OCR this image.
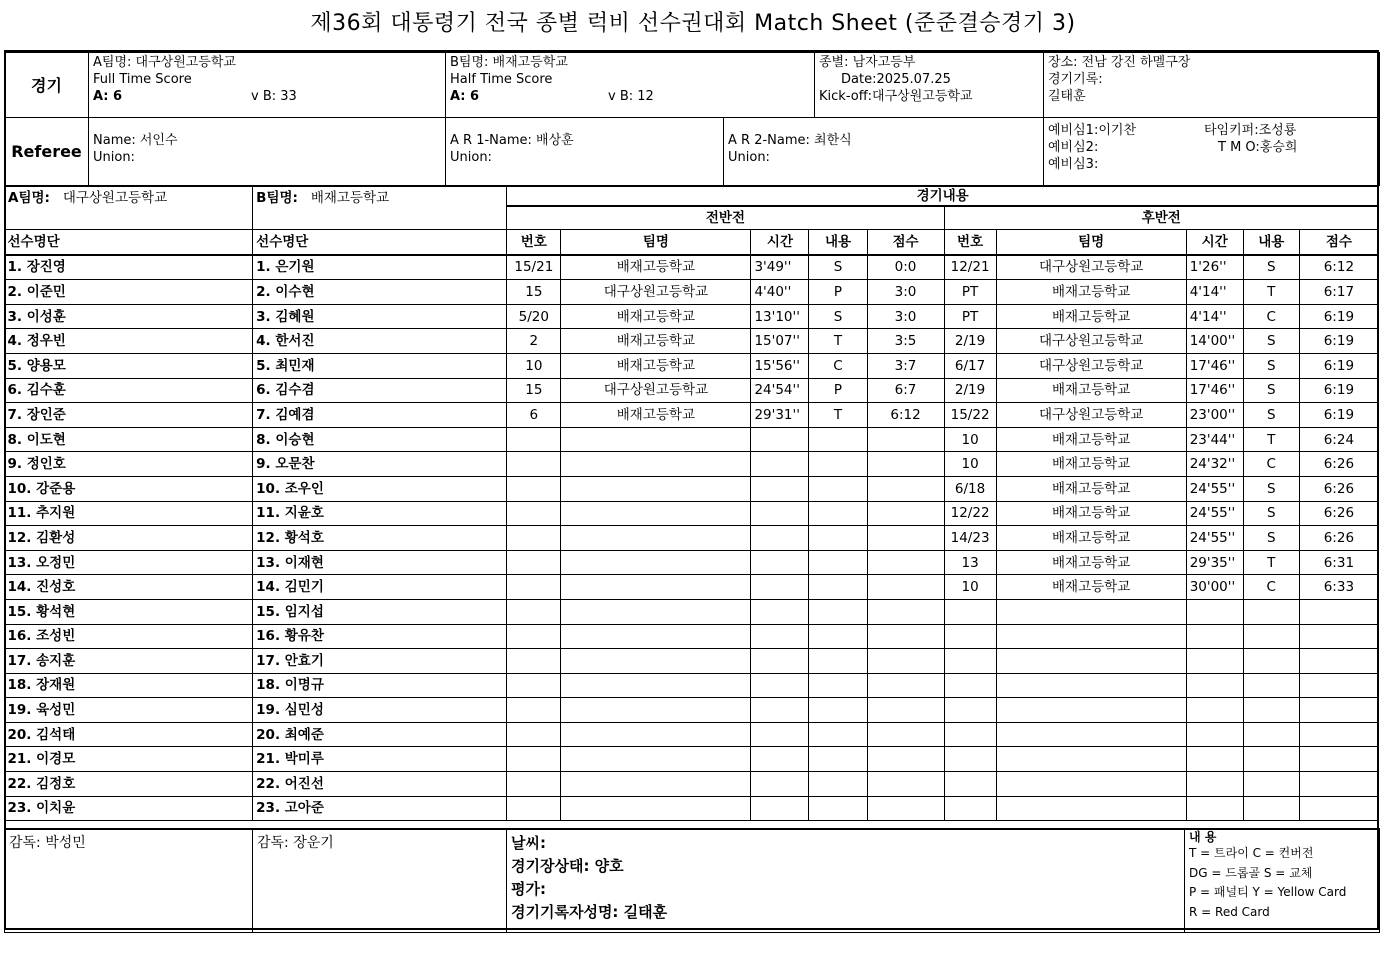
제36회 대통령기 전국 종별 럭비 선수권대회 Match Sheet (준준결승경기 3)
경기	
A팀명: 대구상원고등학교
Full Time Score
A: 6	v B: 33

B팀명: 배재고등학교
Half Time Score
A: 6	v B: 12

종별: 남자고등부
Date:2025.07.25
Kick-off:대구상원고등학교

장소: 전남 강진 하멜구장
경기기록:
길태훈
Referee	
Name: 서인수
Union:

A R 1-Name: 배상훈
Union:

A R 2-Name: 최한식
Union:

예비심1:이기찬	타임키퍼:조성룡
예비심2:	T M O:홍승희
예비심3:
A팀명: 대구상원고등학교	B팀명: 배재고등학교	경기내용									
		전반전					후반전				
선수명단	선수명단	번호	팀명	시간	내용	점수	번호	팀명	시간	내용	점수
1. 장진영	1. 은기원	15/21	배재고등학교	3'49''	S	0:0	12/21	대구상원고등학교	1'26''	S	6:12
2. 이준민	2. 이수현	15	대구상원고등학교	4'40''	P	3:0	PT	배재고등학교	4'14''	T	6:17
3. 이성훈	3. 김혜원	5/20	배재고등학교	13'10''	S	3:0	PT	배재고등학교	4'14''	C	6:19
4. 정우빈	4. 한서진	2	배재고등학교	15'07''	T	3:5	2/19	대구상원고등학교	14'00''	S	6:19
5. 양용모	5. 최민재	10	배재고등학교	15'56''	C	3:7	6/17	대구상원고등학교	17'46''	S	6:19
6. 김수훈	6. 김수겸	15	대구상원고등학교	24'54''	P	6:7	2/19	배재고등학교	17'46''	S	6:19
7. 장인준	7. 김예겸	6	배재고등학교	29'31''	T	6:12	15/22	대구상원고등학교	23'00''	S	6:19
8. 이도현	8. 이승현						10	배재고등학교	23'44''	T	6:24
9. 정인호	9. 오문찬						10	배재고등학교	24'32''	C	6:26
10. 강준용	10. 조우인						6/18	배재고등학교	24'55''	S	6:26
11. 추지원	11. 지윤호						12/22	배재고등학교	24'55''	S	6:26
12. 김환성	12. 황석호						14/23	배재고등학교	24'55''	S	6:26
13. 오정민	13. 이재현						13	배재고등학교	29'35''	T	6:31
14. 진성호	14. 김민기						10	배재고등학교	30'00''	C	6:33
15. 황석현	15. 임지섭										
16. 조성빈	16. 황유찬										
17. 송지훈	17. 안효기										
18. 장재원	18. 이명규										
19. 육성민	19. 심민성										
20. 김석태	20. 최예준										
21. 이경모	21. 박미루										
22. 김정호	22. 어진선										
23. 이치윤	23. 고아준										
감독: 박성민	감독: 장운기	날씨:
경기장상태: 양호
평가:
경기기록자성명: 길태훈

내 용
T = 트라이 C = 컨버전
DG = 드롭골 S = 교체
P = 패널티 Y = Yellow Card
R = Red Card
